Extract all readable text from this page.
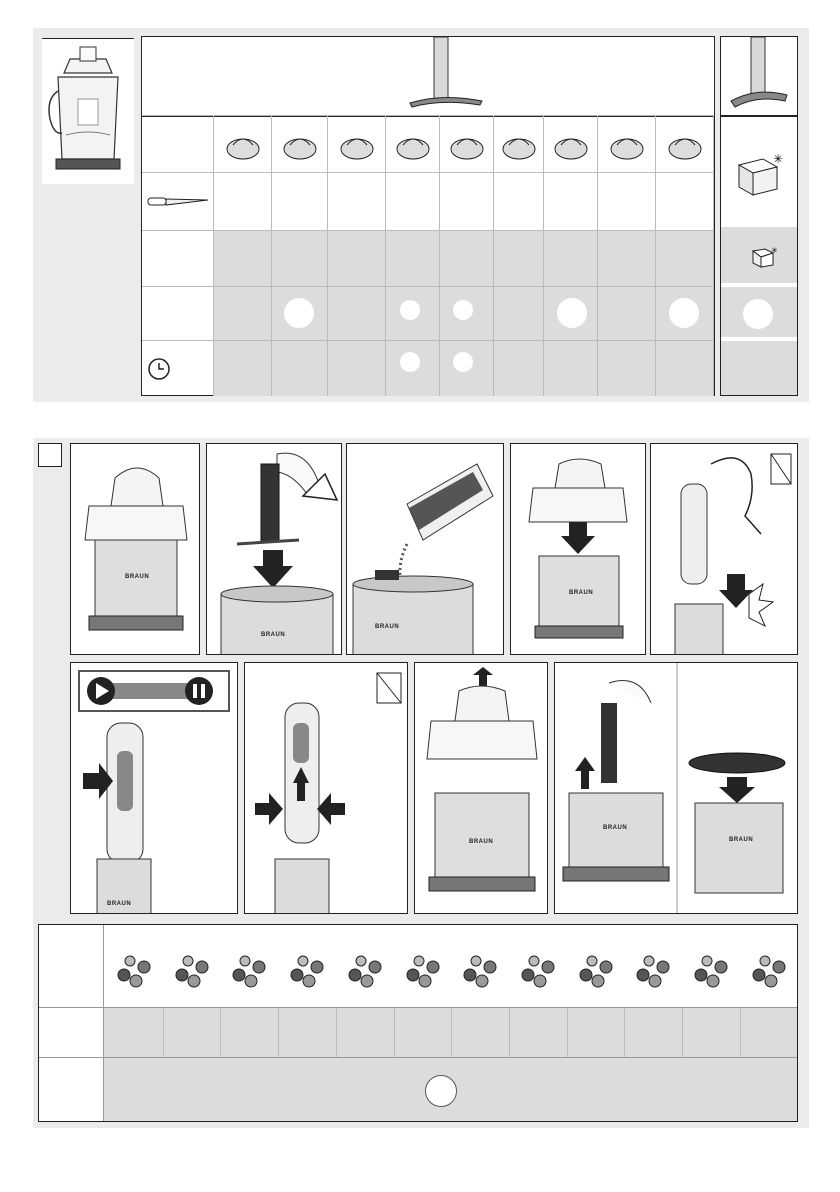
✳
✳
BRAUN
BRAUN
BRAUN
BRAUN
BRAUN
BRAUN
BRAUN
BRAUN
